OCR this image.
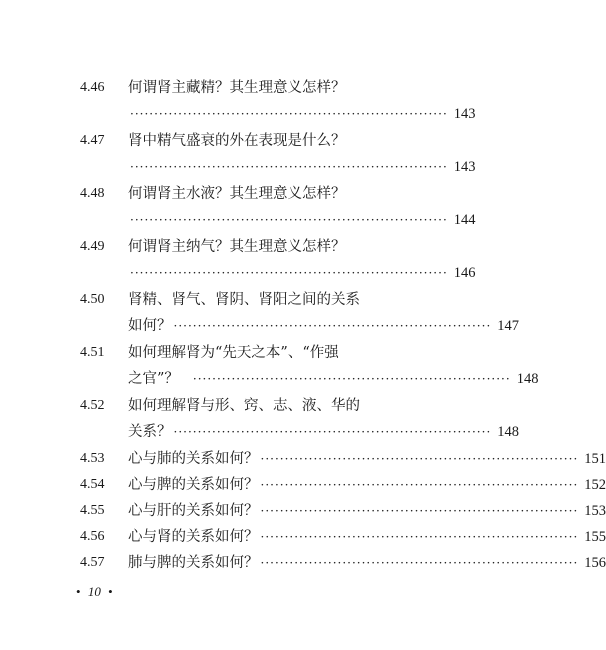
4.46 何谓肾主藏精？其生理意义怎样？
·································································· 143
4.47 肾中精气盛衰的外在表现是什么？
·································································· 143
4.48 何谓肾主水液？其生理意义怎样？
·································································· 144
4.49 何谓肾主纳气？其生理意义怎样？
·································································· 146
4.50 肾精、肾气、肾阴、肾阳之间的关系
如何？ ·································································· 147
4.51 如何理解肾为“先天之本”、“作强
之官”？ ·································································· 148
4.52 如何理解肾与形、窍、志、液、华的
关系？ ·································································· 148
4.53 心与肺的关系如何？ ·································································· 151
4.54 心与脾的关系如何？ ·································································· 152
4.55 心与肝的关系如何？ ·································································· 153
4.56 心与肾的关系如何？ ·································································· 155
4.57 肺与脾的关系如何？ ·································································· 156
• 10 •
